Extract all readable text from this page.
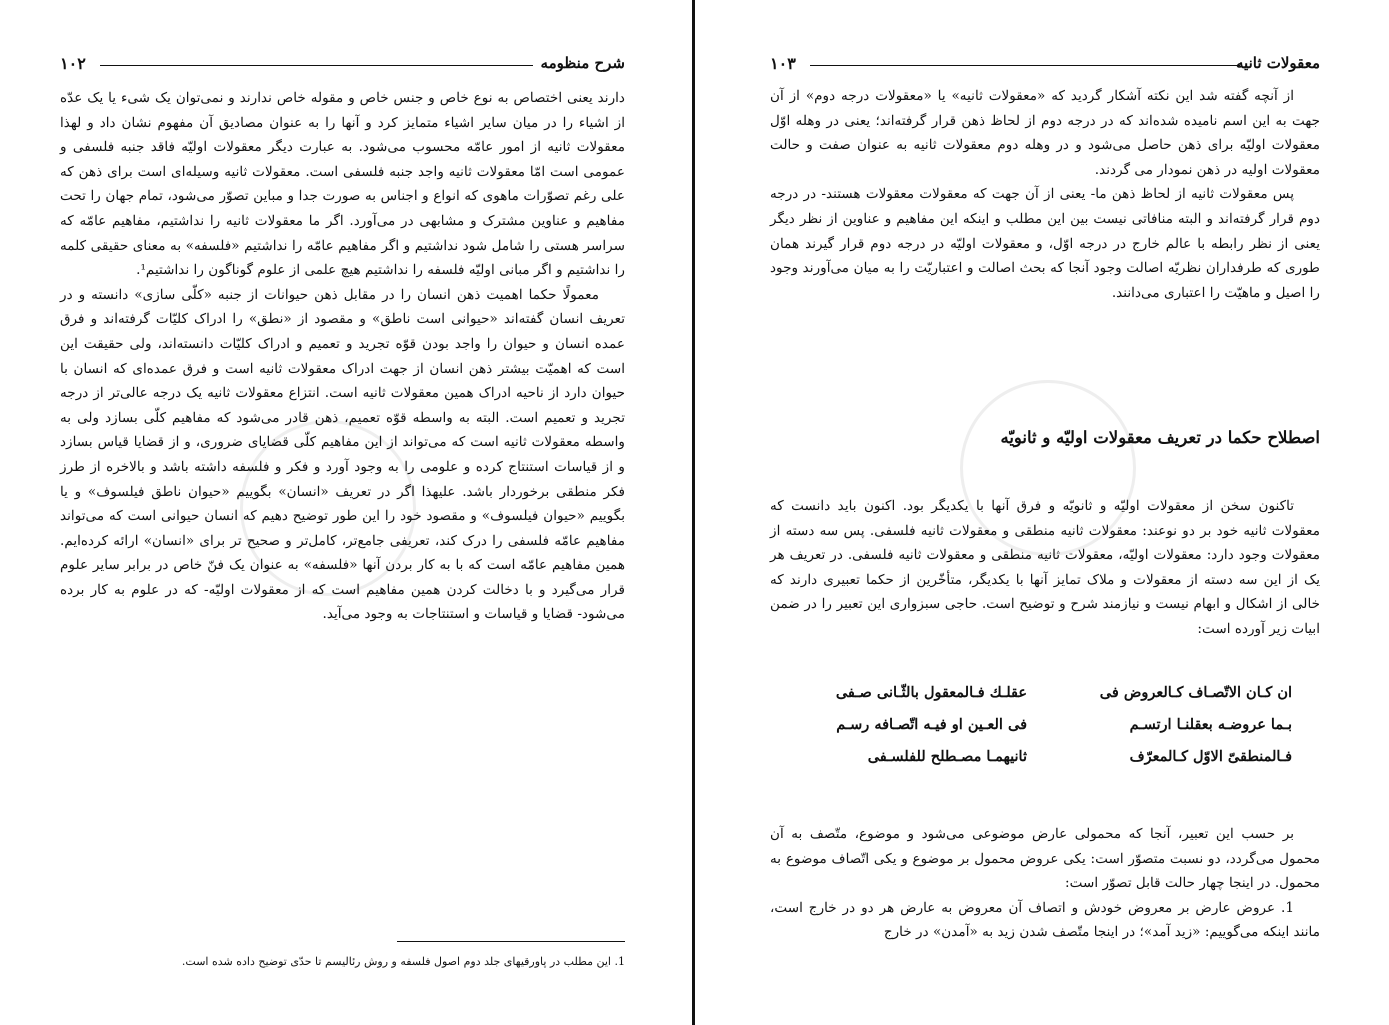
شرح منظومه
۱۰۲

دارند یعنی اختصاص به نوع خاص و جنس خاص و مقوله خاص ندارند و نمی‌توان یک شیء یا یک عدّه از اشیاء را در میان سایر اشیاء متمایز کرد و آنها را به عنوان مصادیق آن مفهوم نشان داد و لهذا معقولات ثانیه از امور عامّه محسوب می‌شود. به عبارت دیگر معقولات اولیّه فاقد جنبه فلسفی و عمومی است امّا معقولات ثانیه واجد جنبه فلسفی است. معقولات ثانیه وسیله‌ای است برای ذهن که علی رغم تصوّرات ماهوی که انواع و اجناس به صورت جدا و مباین تصوّر می‌شود، تمام جهان را تحت مفاهیم و عناوین مشترک و مشابهی در می‌آورد. اگر ما معقولات ثانیه را نداشتیم، مفاهیم عامّه که سراسر هستی را شامل شود نداشتیم و اگر مفاهیم عامّه را نداشتیم «فلسفه» به معنای حقیقی کلمه را نداشتیم و اگر مبانی اولیّه فلسفه را نداشتیم هیچ علمی از علوم گوناگون را نداشتیم¹.

معمولًا حکما اهمیت ذهن انسان را در مقابل ذهن حیوانات از جنبه «کلّی سازی» دانسته و در تعریف انسان گفته‌اند «حیوانی است ناطق» و مقصود از «نطق» را ادراک کلیّات گرفته‌اند و فرق عمده انسان و حیوان را واجد بودن قوّه تجرید و تعمیم و ادراک کلیّات دانسته‌اند، ولی حقیقت این است که اهمیّت بیشتر ذهن انسان از جهت ادراک معقولات ثانیه است و فرق عمده‌ای که انسان با حیوان دارد از ناحیه ادراک همین معقولات ثانیه است. انتزاع معقولات ثانیه یک درجه عالی‌تر از درجه تجرید و تعمیم است. البته به واسطه قوّه تعمیم، ذهن قادر می‌شود که مفاهیم کلّی بسازد ولی به واسطه معقولات ثانیه است که می‌تواند از این مفاهیم کلّی قضایای ضروری، و از قضایا قیاس بسازد و از قیاسات استنتاج کرده و علومی را به وجود آورد و فکر و فلسفه داشته باشد و بالاخره از طرز فکر منطقی برخوردار باشد. علیهذا اگر در تعریف «انسان» بگوییم «حیوان ناطق فیلسوف» و یا بگوییم «حیوان فیلسوف» و مقصود خود را این طور توضیح دهیم که انسان حیوانی است که می‌تواند مفاهیم عامّه فلسفی را درک کند، تعریفی جامع‌تر، کامل‌تر و صحیح تر برای «انسان» ارائه کرده‌ایم. همین مفاهیم عامّه است که با به کار بردن آنها «فلسفه» به عنوان یک فنّ خاص در برابر سایر علوم قرار می‌گیرد و با دخالت کردن همین مفاهیم است که از معقولات اولیّه- که در علوم به کار برده می‌شود- قضایا و قیاسات و استنتاجات به وجود می‌آید.

1. این مطلب در پاورقیهای جلد دوم اصول فلسفه و روش رئالیسم تا حدّی توضیح داده شده است.
معقولات ثانیه
۱۰۳

از آنچه گفته شد این نکته آشکار گردید که «معقولات ثانیه» یا «معقولات درجه دوم» از آن جهت به این اسم نامیده شده‌اند که در درجه دوم از لحاظ ذهن قرار گرفته‌اند؛ یعنی در وهله اوّل معقولات اولیّه برای ذهن حاصل می‌شود و در وهله دوم معقولات ثانیه به عنوان صفت و حالت معقولات اولیه در ذهن نمودار می گردند.

پس معقولات ثانیه از لحاظ ذهن ما- یعنی از آن جهت که معقولات معقولات هستند- در درجه دوم قرار گرفته‌اند و البته منافاتی نیست بین این مطلب و اینکه این مفاهیم و عناوین از نظر دیگر یعنی از نظر رابطه با عالم خارج در درجه اوّل، و معقولات اولیّه در درجه دوم قرار گیرند همان طوری که طرفداران نظریّه اصالت وجود آنجا که بحث اصالت و اعتباریّت را به میان می‌آورند وجود را اصیل و ماهیّت را اعتباری می‌دانند.

اصطلاح حکما در تعریف معقولات اولیّه و ثانویّه

تاکنون سخن از معقولات اولیّه و ثانویّه و فرق آنها با یکدیگر بود. اکنون باید دانست که معقولات ثانیه خود بر دو نوعند: معقولات ثانیه منطقی و معقولات ثانیه فلسفی. پس سه دسته از معقولات وجود دارد: معقولات اولیّه، معقولات ثانیه منطقی و معقولات ثانیه فلسفی. در تعریف هر یک از این سه دسته از معقولات و ملاک تمایز آنها با یکدیگر، متأخّرین از حکما تعبیری دارند که خالی از اشکال و ابهام نیست و نیازمند شرح و توضیح است. حاجی سبزواری این تعبیر را در ضمن ابیات زیر آورده است:

ان کـان الاتّصـاف کـالعروض فی
عقلـك فـالمعقول بالثّـانی صـفی
بـما عروضـه بعقلنـا ارتسـم
فی العـین او فیـه اتّصـافه رسـم
فـالمنطقیّ الاوّل کـالمعرّف
ثانیهمـا مصـطلح للفلسـفی

بر حسب این تعبیر، آنجا که محمولی عارض موضوعی می‌شود و موضوع، متّصف به آن محمول می‌گردد، دو نسبت متصوّر است: یکی عروض محمول بر موضوع و یکی اتّصاف موضوع به محمول. در اینجا چهار حالت قابل تصوّر است:

1. عروض عارض بر معروض خودش و اتصاف آن معروض به عارض هر دو در خارج است، مانند اینکه می‌گوییم: «زید آمد»؛ در اینجا متّصف شدن زید به «آمدن» در خارج
